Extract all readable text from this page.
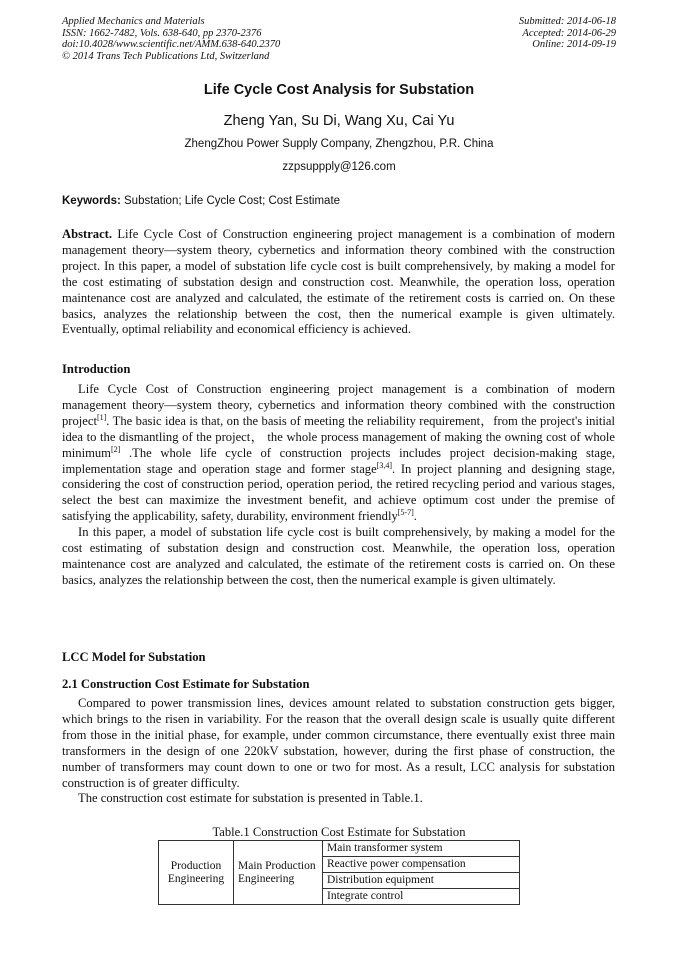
Applied Mechanics and Materials
ISSN: 1662-7482, Vols. 638-640, pp 2370-2376
doi:10.4028/www.scientific.net/AMM.638-640.2370
© 2014 Trans Tech Publications Ltd, Switzerland
Submitted: 2014-06-18
Accepted: 2014-06-29
Online: 2014-09-19
Life Cycle Cost Analysis for Substation
Zheng Yan, Su Di, Wang Xu, Cai Yu
ZhengZhou Power Supply Company, Zhengzhou, P.R. China
zzpsuppply@126.com
Keywords: Substation; Life Cycle Cost; Cost Estimate

Abstract. Life Cycle Cost of Construction engineering project management is a combination of modern management theory—system theory, cybernetics and information theory combined with the construction project. In this paper, a model of substation life cycle cost is built comprehensively, by making a model for the cost estimating of substation design and construction cost. Meanwhile, the operation loss, operation maintenance cost are analyzed and calculated, the estimate of the retirement costs is carried on. On these basics, analyzes the relationship between the cost, then the numerical example is given ultimately. Eventually, optimal reliability and economical efficiency is achieved.

Introduction

Life Cycle Cost of Construction engineering project management is a combination of modern management theory—system theory, cybernetics and information theory combined with the construction project[1]. The basic idea is that, on the basis of meeting the reliability requirement，from the project's initial idea to the dismantling of the project， the whole process management of making the owning cost of whole minimum[2] .The whole life cycle of construction projects includes project decision-making stage, implementation stage and operation stage and former stage[3,4]. In project planning and designing stage, considering the cost of construction period, operation period, the retired recycling period and various stages, select the best can maximize the investment benefit, and achieve optimum cost under the premise of satisfying the applicability, safety, durability, environment friendly[5-7].

In this paper, a model of substation life cycle cost is built comprehensively, by making a model for the cost estimating of substation design and construction cost. Meanwhile, the operation loss, operation maintenance cost are analyzed and calculated, the estimate of the retirement costs is carried on. On these basics, analyzes the relationship between the cost, then the numerical example is given ultimately.

LCC Model for Substation
2.1 Construction Cost Estimate for Substation

Compared to power transmission lines, devices amount related to substation construction gets bigger, which brings to the risen in variability. For the reason that the overall design scale is usually quite different from those in the initial phase, for example, under common circumstance, there eventually exist three main transformers in the design of one 220kV substation, however, during the first phase of construction, the number of transformers may count down to one or two for most. As a result, LCC analysis for substation construction is of greater difficulty.

The construction cost estimate for substation is presented in Table.1.

Table.1 Construction Cost Estimate for Substation
Production Engineering	Main Production Engineering	Main transformer system
Reactive power compensation
Distribution equipment
Integrate control
